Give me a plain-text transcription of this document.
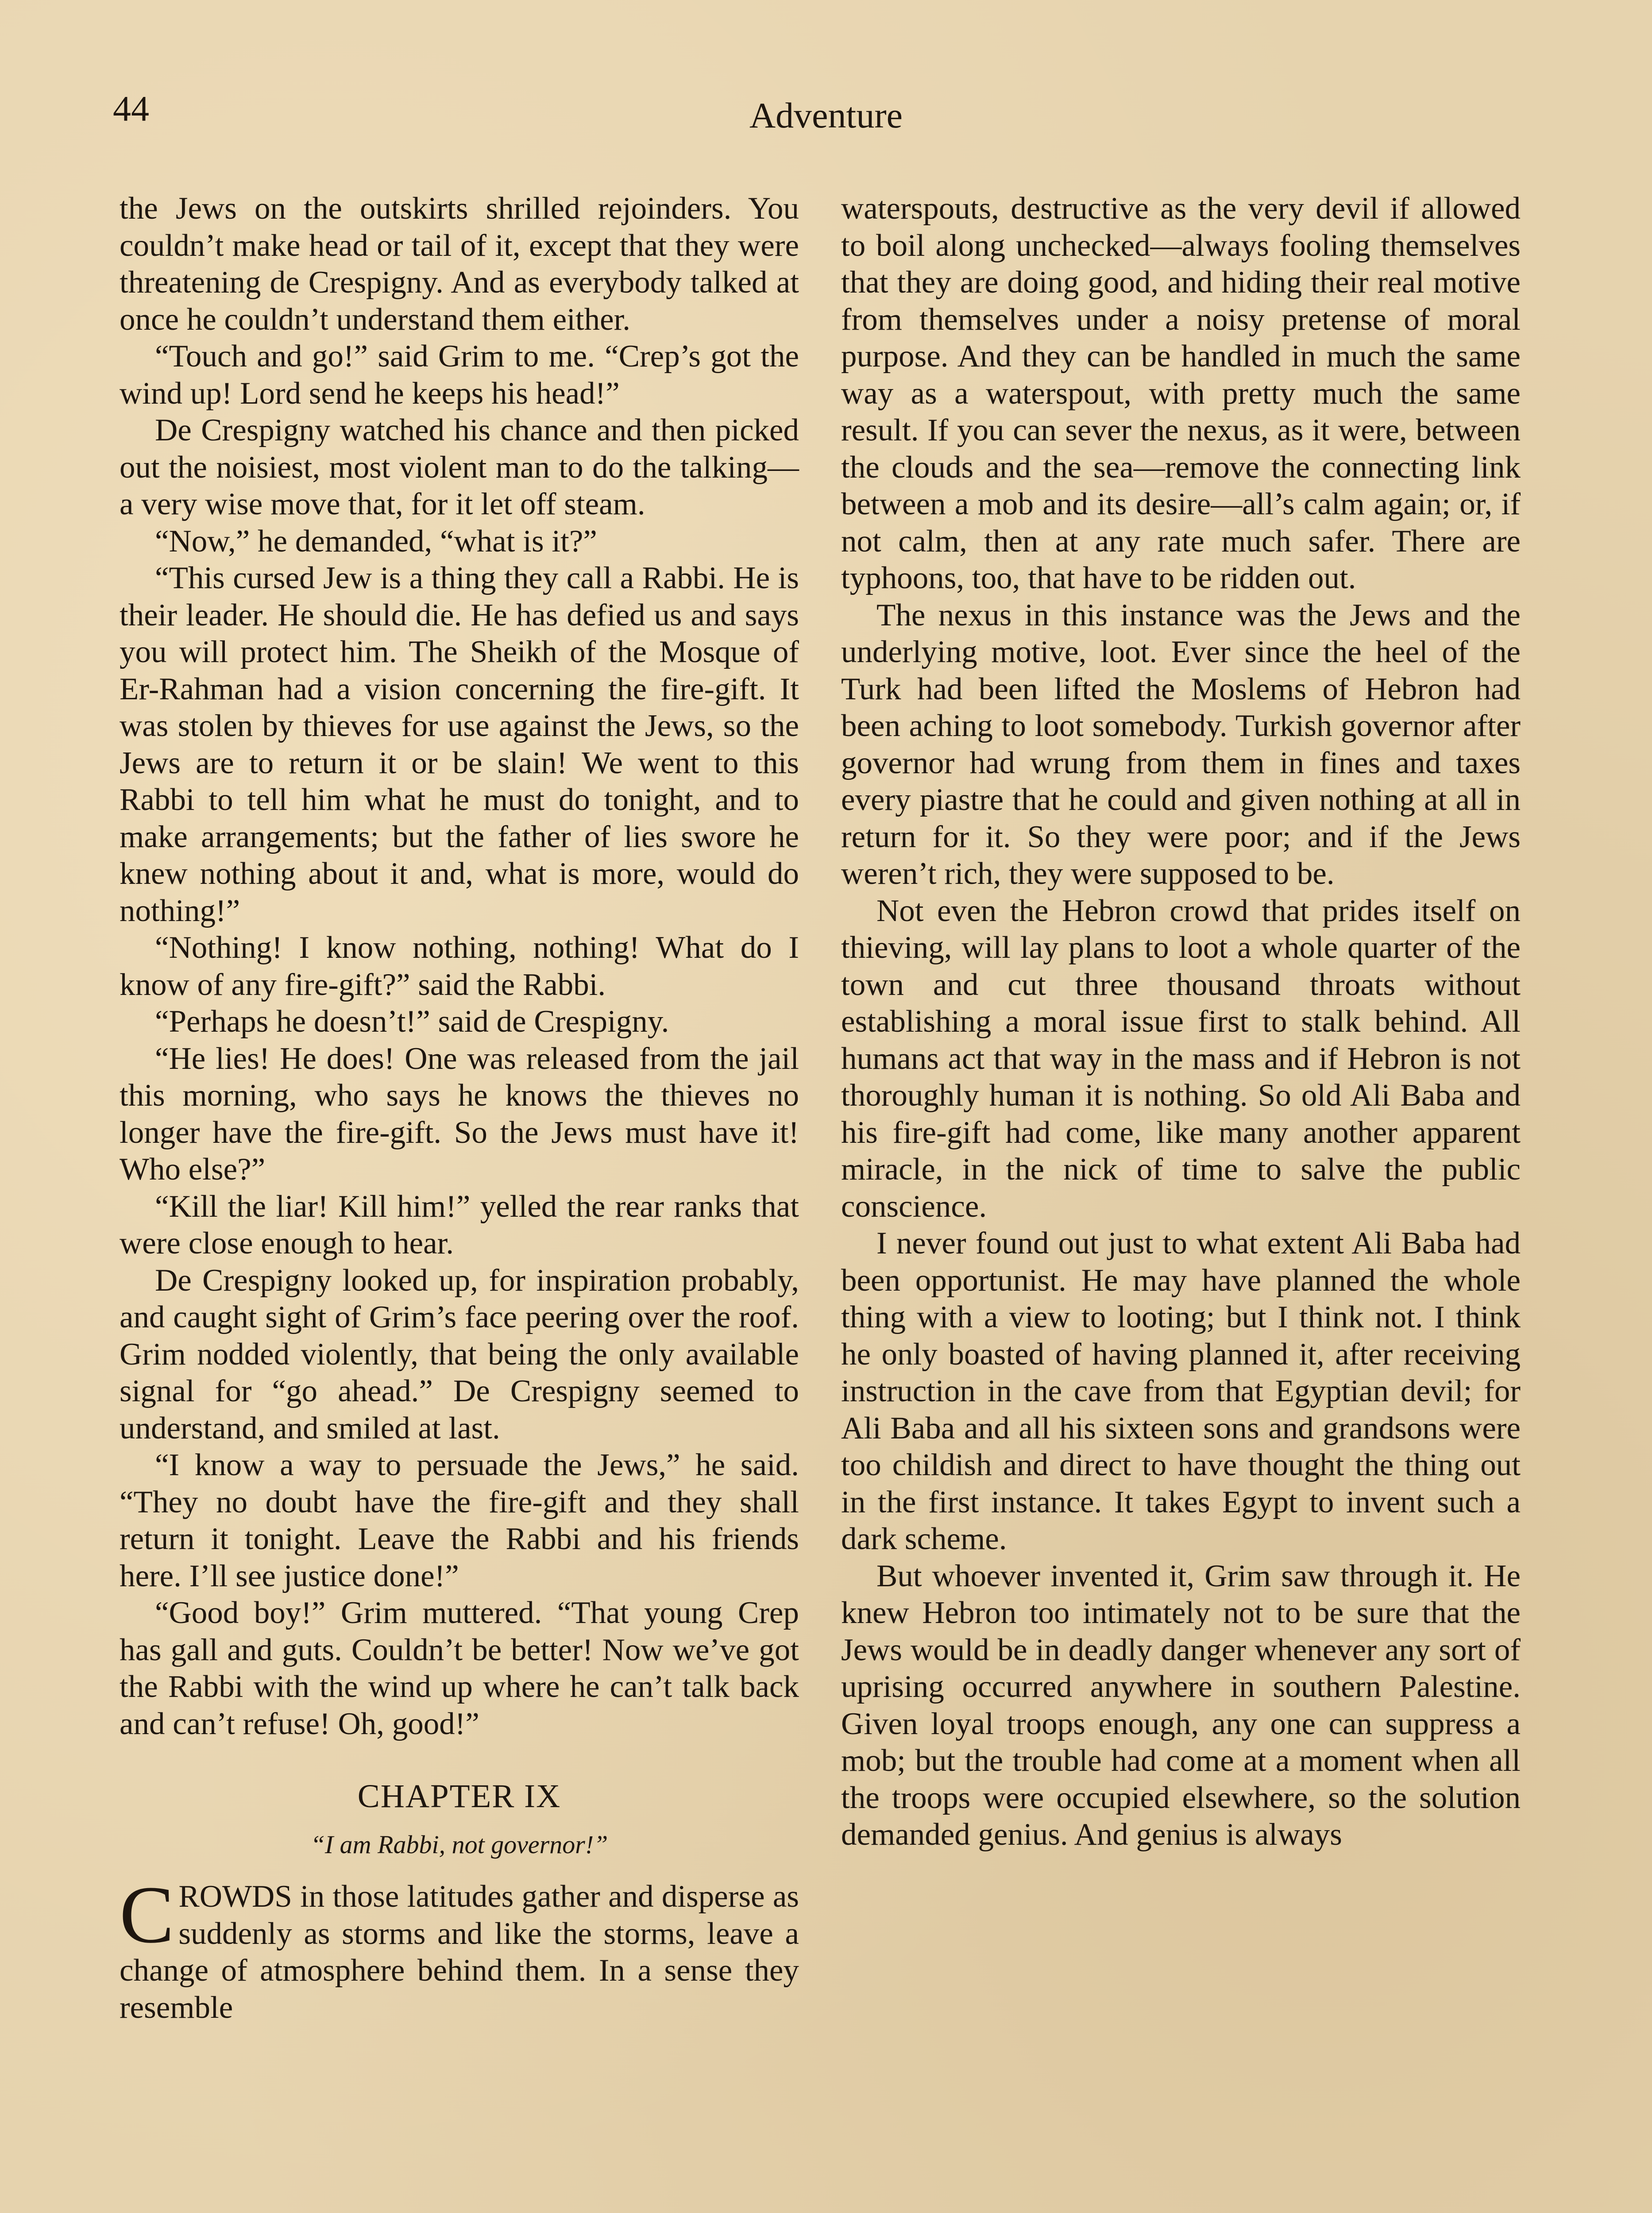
44	Adventure

the Jews on the outskirts shrilled rejoinders. You couldn’t make head or tail of it, except that they were threatening de Crespigny. And as everybody talked at once he couldn’t understand them either.

“Touch and go!” said Grim to me. “Crep’s got the wind up! Lord send he keeps his head!”

De Crespigny watched his chance and then picked out the noisiest, most violent man to do the talking—a very wise move that, for it let off steam.

“Now,” he demanded, “what is it?”

“This cursed Jew is a thing they call a Rabbi. He is their leader. He should die. He has defied us and says you will protect him. The Sheikh of the Mosque of Er-Rahman had a vision concerning the fire-gift. It was stolen by thieves for use against the Jews, so the Jews are to return it or be slain! We went to this Rabbi to tell him what he must do tonight, and to make arrangements; but the father of lies swore he knew nothing about it and, what is more, would do nothing!”

“Nothing! I know nothing, nothing! What do I know of any fire-gift?” said the Rabbi.

“Perhaps he doesn’t!” said de Crespigny.

“He lies! He does! One was released from the jail this morning, who says he knows the thieves no longer have the fire-gift. So the Jews must have it! Who else?”

“Kill the liar! Kill him!” yelled the rear ranks that were close enough to hear.

De Crespigny looked up, for inspiration probably, and caught sight of Grim’s face peering over the roof. Grim nodded violently, that being the only available signal for “go ahead.” De Crespigny seemed to understand, and smiled at last.

“I know a way to persuade the Jews,” he said. “They no doubt have the fire-gift and they shall return it tonight. Leave the Rabbi and his friends here. I’ll see justice done!”

“Good boy!” Grim muttered. “That young Crep has gall and guts. Couldn’t be better! Now we’ve got the Rabbi with the wind up where he can’t talk back and can’t refuse! Oh, good!”

CHAPTER IX
“I am Rabbi, not governor!”

CROWDS in those latitudes gather and disperse as suddenly as storms and like the storms, leave a change of atmosphere behind them. In a sense they resemble

waterspouts, destructive as the very devil if allowed to boil along unchecked—always fooling themselves that they are doing good, and hiding their real motive from themselves under a noisy pretense of moral purpose. And they can be handled in much the same way as a waterspout, with pretty much the same result. If you can sever the nexus, as it were, between the clouds and the sea—remove the connecting link between a mob and its desire—all’s calm again; or, if not calm, then at any rate much safer. There are typhoons, too, that have to be ridden out.

The nexus in this instance was the Jews and the underlying motive, loot. Ever since the heel of the Turk had been lifted the Moslems of Hebron had been aching to loot somebody. Turkish governor after governor had wrung from them in fines and taxes every piastre that he could and given nothing at all in return for it. So they were poor; and if the Jews weren’t rich, they were supposed to be.

Not even the Hebron crowd that prides itself on thieving, will lay plans to loot a whole quarter of the town and cut three thousand throats without establishing a moral issue first to stalk behind. All humans act that way in the mass and if Hebron is not thoroughly human it is nothing. So old Ali Baba and his fire-gift had come, like many another apparent miracle, in the nick of time to salve the public conscience.

I never found out just to what extent Ali Baba had been opportunist. He may have planned the whole thing with a view to looting; but I think not. I think he only boasted of having planned it, after receiving instruction in the cave from that Egyptian devil; for Ali Baba and all his sixteen sons and grandsons were too childish and direct to have thought the thing out in the first instance. It takes Egypt to invent such a dark scheme.

But whoever invented it, Grim saw through it. He knew Hebron too intimately not to be sure that the Jews would be in deadly danger whenever any sort of uprising occurred anywhere in southern Palestine. Given loyal troops enough, any one can suppress a mob; but the trouble had come at a moment when all the troops were occupied elsewhere, so the solution demanded genius. And genius is always
